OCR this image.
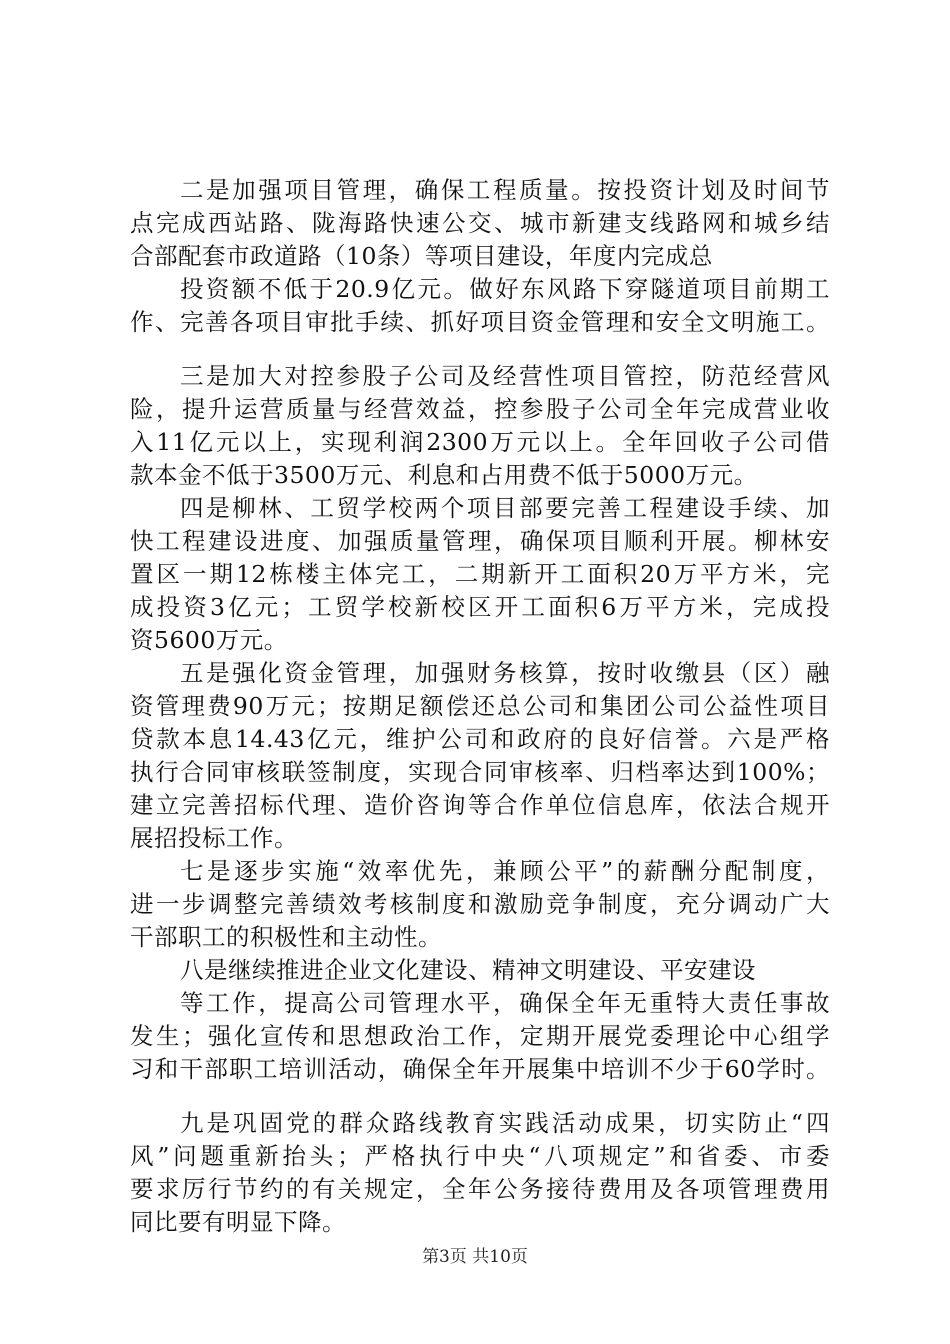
二是加强项目管理，确保工程质量。按投资计划及时间节
点完成西站路、陇海路快速公交、城市新建支线路网和城乡结
合部配套市政道路（10条）等项目建设，年度内完成总
投资额不低于20.9亿元。做好东风路下穿隧道项目前期工
作、完善各项目审批手续、抓好项目资金管理和安全文明施工。
三是加大对控参股子公司及经营性项目管控，防范经营风
险，提升运营质量与经营效益，控参股子公司全年完成营业收
入11亿元以上，实现利润2300万元以上。全年回收子公司借
款本金不低于3500万元、利息和占用费不低于5000万元。
四是柳林、工贸学校两个项目部要完善工程建设手续、加
快工程建设进度、加强质量管理，确保项目顺利开展。柳林安
置区一期12栋楼主体完工，二期新开工面积20万平方米，完
成投资3亿元；工贸学校新校区开工面积6万平方米，完成投
资5600万元。
五是强化资金管理，加强财务核算，按时收缴县（区）融
资管理费90万元；按期足额偿还总公司和集团公司公益性项目
贷款本息14.43亿元，维护公司和政府的良好信誉。六是严格
执行合同审核联签制度，实现合同审核率、归档率达到100%；
建立完善招标代理、造价咨询等合作单位信息库，依法合规开
展招投标工作。
七是逐步实施“效率优先，兼顾公平”的薪酬分配制度，
进一步调整完善绩效考核制度和激励竞争制度，充分调动广大
干部职工的积极性和主动性。
八是继续推进企业文化建设、精神文明建设、平安建设
等工作，提高公司管理水平，确保全年无重特大责任事故
发生；强化宣传和思想政治工作，定期开展党委理论中心组学
习和干部职工培训活动，确保全年开展集中培训不少于60学时。
九是巩固党的群众路线教育实践活动成果，切实防止“四
风”问题重新抬头；严格执行中央“八项规定”和省委、市委
要求厉行节约的有关规定，全年公务接待费用及各项管理费用
同比要有明显下降。
第3页 共10页
